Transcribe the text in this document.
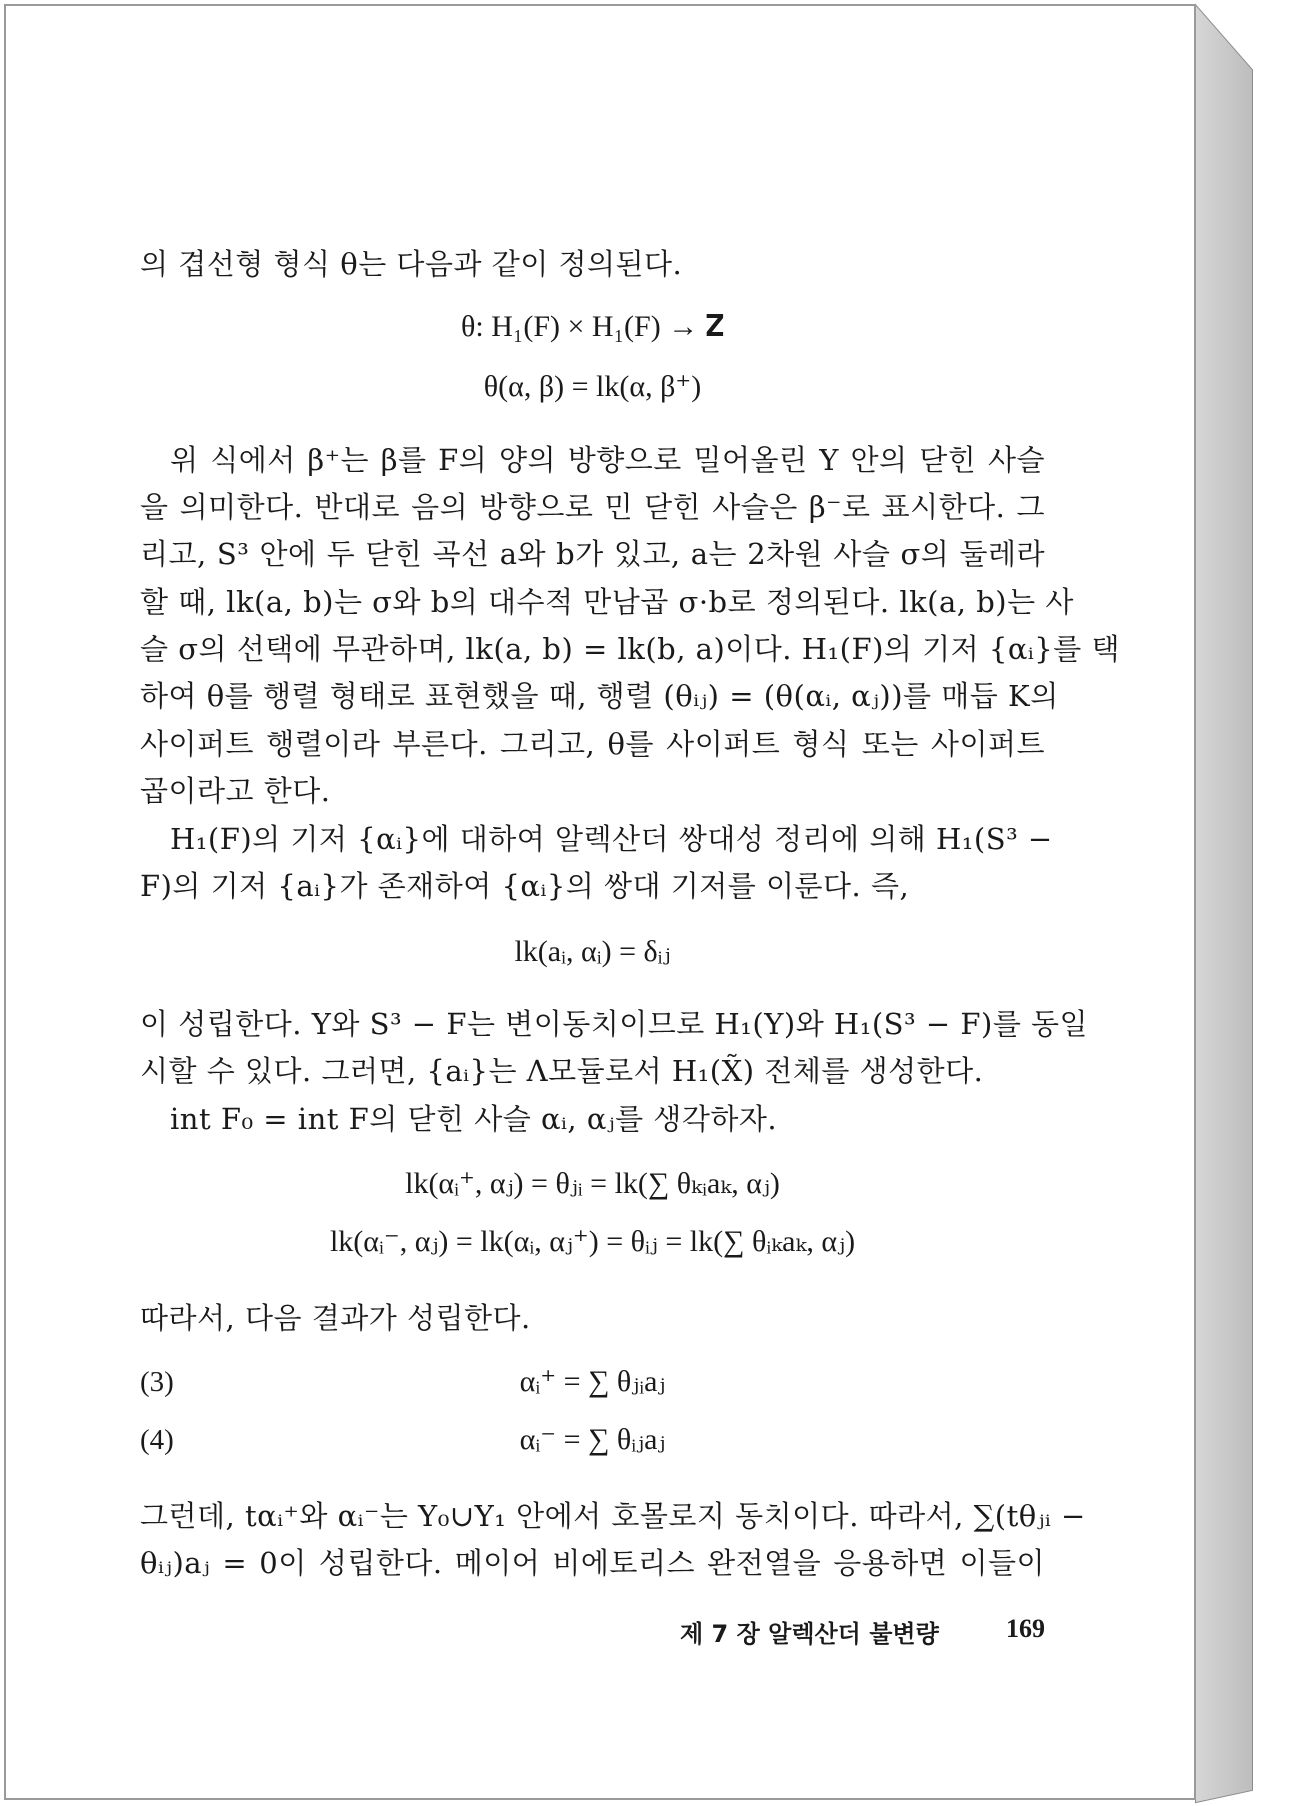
의 겹선형 형식 θ는 다음과 같이 정의된다.
θ: H₁(F) × H₁(F) → 𝐙
θ(α, β) = lk(α, β⁺)
위 식에서 β⁺는 β를 F의 양의 방향으로 밀어올린 Y 안의 닫힌 사슬
을 의미한다. 반대로 음의 방향으로 민 닫힌 사슬은 β⁻로 표시한다. 그
리고, S³ 안에 두 닫힌 곡선 a와 b가 있고, a는 2차원 사슬 σ의 둘레라
할 때, lk(a, b)는 σ와 b의 대수적 만남곱 σ·b로 정의된다. lk(a, b)는 사
슬 σ의 선택에 무관하며, lk(a, b) = lk(b, a)이다. H₁(F)의 기저 {αᵢ}를 택
하여 θ를 행렬 형태로 표현했을 때, 행렬 (θᵢⱼ) = (θ(αᵢ, αⱼ))를 매듭 K의
사이퍼트 행렬이라 부른다. 그리고, θ를 사이퍼트 형식 또는 사이퍼트
곱이라고 한다.
H₁(F)의 기저 {αᵢ}에 대하여 알렉산더 쌍대성 정리에 의해 H₁(S³ −
F)의 기저 {aᵢ}가 존재하여 {αᵢ}의 쌍대 기저를 이룬다. 즉,
lk(aᵢ, αᵢ) = δᵢⱼ
이 성립한다. Y와 S³ − F는 변이동치이므로 H₁(Y)와 H₁(S³ − F)를 동일
시할 수 있다. 그러면, {aᵢ}는 Λ모듈로서 H₁(X̃) 전체를 생성한다.
int F₀ = int F의 닫힌 사슬 αᵢ, αⱼ를 생각하자.
lk(αᵢ⁺, αⱼ) = θⱼᵢ = lk(∑ θₖᵢaₖ, αⱼ)
lk(αᵢ⁻, αⱼ) = lk(αᵢ, αⱼ⁺) = θᵢⱼ = lk(∑ θᵢₖaₖ, αⱼ)
따라서, 다음 결과가 성립한다.
(3)	αᵢ⁺ = ∑ θⱼᵢaⱼ
(4)	αᵢ⁻ = ∑ θᵢⱼaⱼ
그런데, tαᵢ⁺와 αᵢ⁻는 Y₀∪Y₁ 안에서 호몰로지 동치이다. 따라서, ∑(tθⱼᵢ −
θᵢⱼ)aⱼ = 0이 성립한다. 메이어 비에토리스 완전열을 응용하면 이들이
제 7 장 알렉산더 불변량	169
